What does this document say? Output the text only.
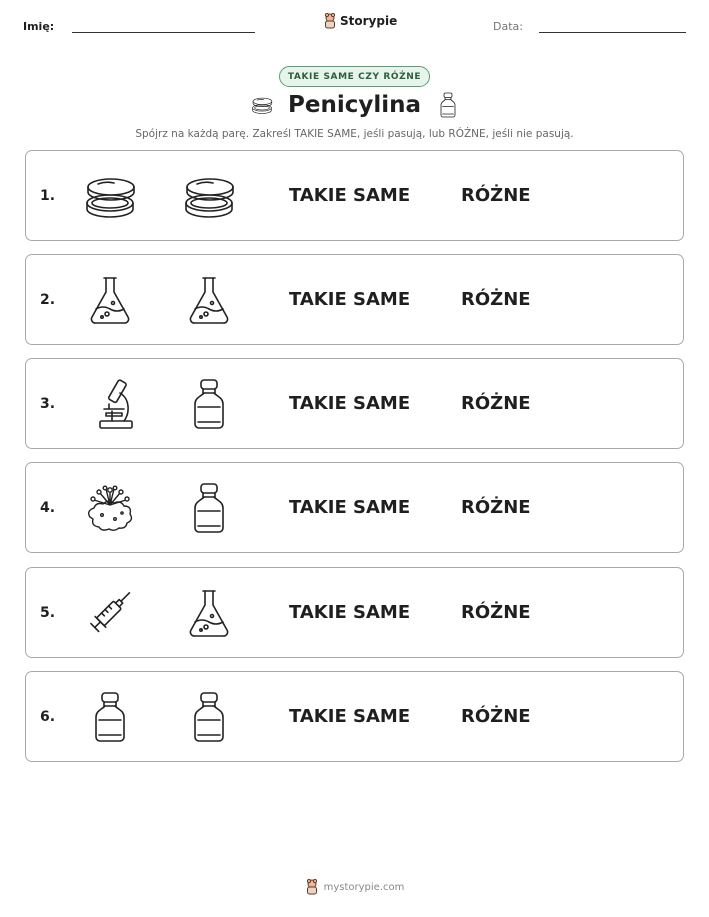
Imię:	Storypie	Data:
TAKIE SAME CZY RÓŻNE
Penicylina
Spójrz na każdą parę. Zakreśl TAKIE SAME, jeśli pasują, lub RÓŻNE, jeśli nie pasują.
1.	TAKIE SAME	RÓŻNE
2.	TAKIE SAME	RÓŻNE
3.	TAKIE SAME	RÓŻNE
4.	TAKIE SAME	RÓŻNE
5.	TAKIE SAME	RÓŻNE
6.	TAKIE SAME	RÓŻNE
mystorypie.com
